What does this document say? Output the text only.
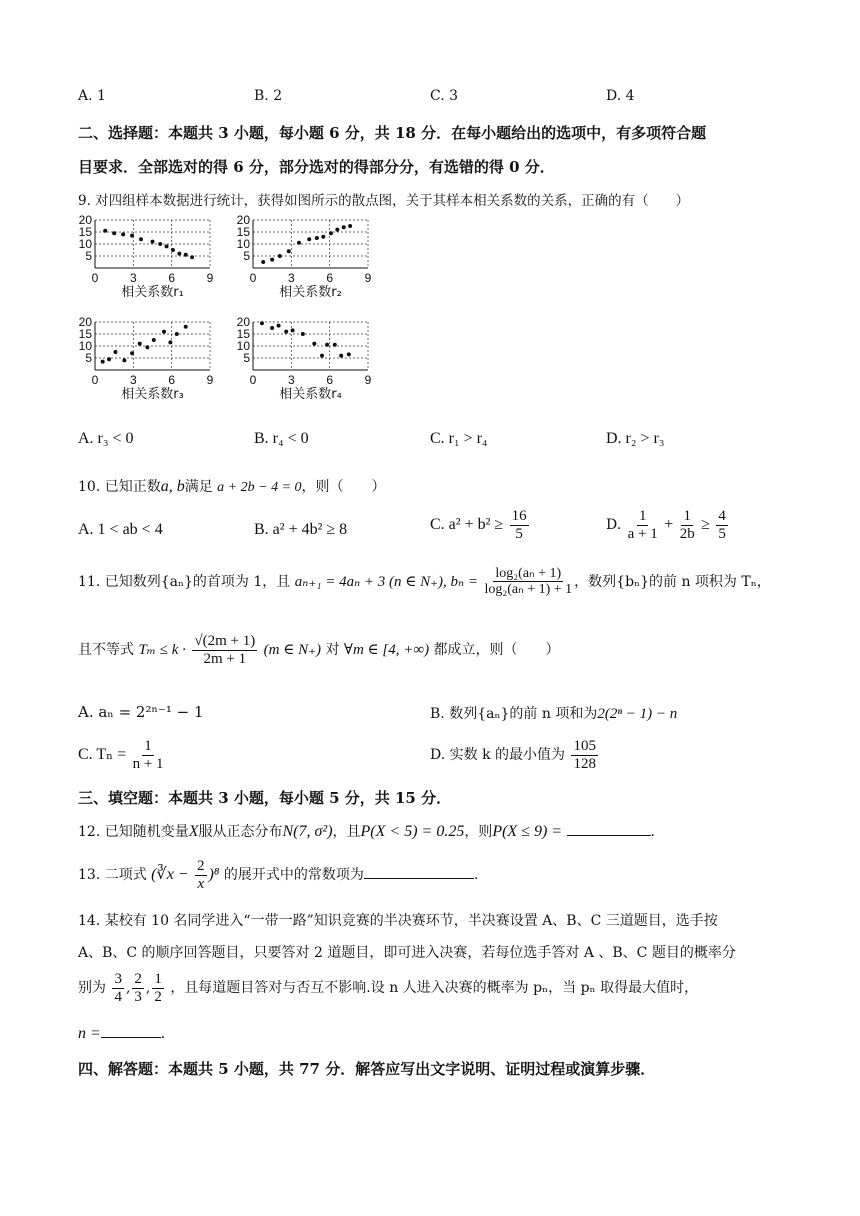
A. 1	B. 2	C. 3	D. 4
二、选择题：本题共 3 小题，每小题 6 分，共 18 分．在每小题给出的选项中，有多项符合题
目要求．全部选对的得 6 分，部分选对的得部分分，有选错的得 0 分．
9. 对四组样本数据进行统计，获得如图所示的散点图，关于其样本相关系数的关系，正确的有（　　）
5
10
15
20
0	3	6	9
相关系数r₁
5
10
15
20
0	3	6	9
相关系数r₂
5
10
15
20
0	3	6	9
相关系数r₃
5
10
15
20
0	3	6	9
相关系数r₄
A. r₃ < 0	B. r₄ < 0	C. r₁ > r₄	D. r₂ > r₃
10. 已知正数a, b满足 a + 2b − 4 = 0，则（　　）
A. 1 < ab < 4	B. a² + 4b² ≥ 8	C. $a^2 + b^2 \ge \frac{16}{5}$	D. $\frac{1}{a + 1} + \frac{1}{2b} \ge \frac{4}{5}$
11. 已知数列{aₙ}的首项为 1，且 aₙ₊₁ = 4aₙ + 3 (n ∈ N₊), $b_n = \frac{\text{log₂(aₙ + 1)}}{\text{log₂(aₙ + 1) + 1}}$ ，数列{bₙ}的前 n 项积为 Tₙ，
且不等式 $T_m \le k \cdot \frac{√(2m + 1)}{2m + 1} (m$ ∈ N₊) 对 ∀m ∈ [4, +∞) 都成立，则（　　）
A. aₙ = 2²ⁿ⁻¹ − 1	B. 数列{aₙ}的前 n 项和为2(2ⁿ − 1) − n
C. $T_n = \frac{1}{n + 1}$	D. 实数 k 的最小值为 $\frac{105}{128}$
三、填空题：本题共 3 小题，每小题 5 分，共 15 分．
12. 已知随机变量X服从正态分布N(7, σ²)，且P(X < 5) = 0.25，则P(X ≤ 9) =	.
13. 二项式 (∛x − $\frac{2}{x} )^8$ 的展开式中的常数项为	.
14. 某校有 10 名同学进入“一带一路”知识竞赛的半决赛环节，半决赛设置 A、B、C 三道题目，选手按
A、B、C 的顺序回答题目，只要答对 2 道题目，即可进入决赛，若每位选手答对 A 、B、C 题目的概率分
别为 $\frac{3}{4}$ , $\frac{2}{3}$ , $\frac{1}{2}$ ，且每道题目答对与否互不影响.设 n 人进入决赛的概率为 pₙ，当 pₙ 取得最大值时，
n =	.
四、解答题：本题共 5 小题，共 77 分．解答应写出文字说明、证明过程或演算步骤．
